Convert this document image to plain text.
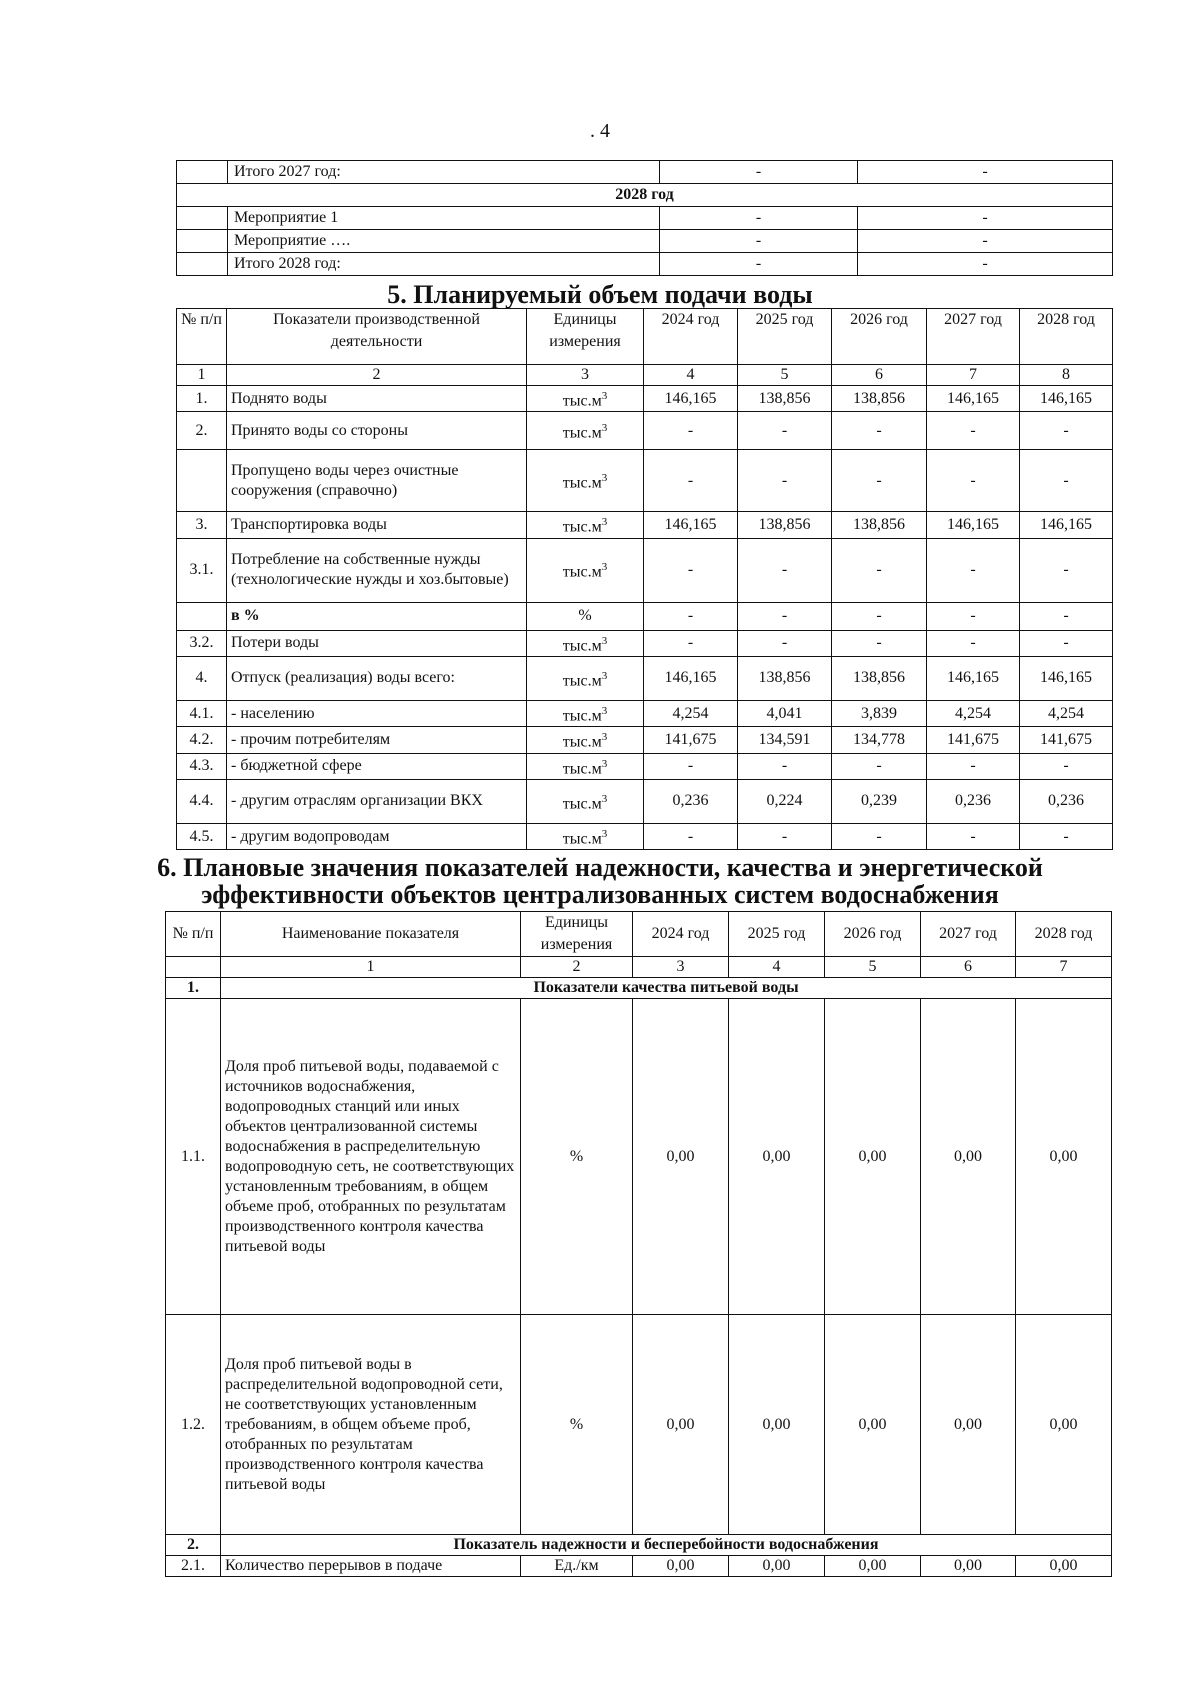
. 4
	Итого 2027 год:	-	-
2028 год			
	Мероприятие 1	-	-
	Мероприятие ….	-	-
	Итого 2028 год:	-	-
5. Планируемый объем подачи воды
№ п/п	Показатели производственной деятельности	Единицы измерения	2024 год	2025 год	2026 год	2027 год	2028 год
1	2	3	4	5	6	7	8
1.	Поднято воды	$тыс.м^3$	146,165	138,856	138,856	146,165	146,165
2.	Принято воды со стороны	$тыс.м^3$	-	-	-	-	-
	Пропущено воды через очистные сооружения (справочно)	$тыс.м^3$	-	-	-	-	-
3.	Транспортировка воды	$тыс.м^3$	146,165	138,856	138,856	146,165	146,165
3.1.	Потребление на собственные нужды (технологические нужды и хоз.бытовые)	$тыс.м^3$	-	-	-	-	-
	в %	%	-	-	-	-	-
3.2.	Потери воды	$тыс.м^3$	-	-	-	-	-
4.	Отпуск (реализация) воды всего:	$тыс.м^3$	146,165	138,856	138,856	146,165	146,165
4.1.	- населению	$тыс.м^3$	4,254	4,041	3,839	4,254	4,254
4.2.	- прочим потребителям	$тыс.м^3$	141,675	134,591	134,778	141,675	141,675
4.3.	- бюджетной сфере	$тыс.м^3$	-	-	-	-	-
4.4.	- другим отраслям организации ВКХ	$тыс.м^3$	0,236	0,224	0,239	0,236	0,236
4.5.	- другим водопроводам	$тыс.м^3$	-	-	-	-	-
6. Плановые значения показателей надежности, качества и энергетической
эффективности объектов централизованных систем водоснабжения
№ п/п	Наименование показателя	Единицы измерения	2024 год	2025 год	2026 год	2027 год	2028 год
	1	2	3	4	5	6	7
1.	Показатели качества питьевой воды						
1.1.	Доля проб питьевой воды, подаваемой с источников водоснабжения, водопроводных станций или иных объектов централизованной системы водоснабжения в распределительную водопроводную сеть, не соответствующих установленным требованиям, в общем объеме проб, отобранных по результатам производственного контроля качества питьевой воды	%	0,00	0,00	0,00	0,00	0,00
1.2.	Доля проб питьевой воды в распределительной водопроводной сети, не соответствующих установленным требованиям, в общем объеме проб, отобранных по результатам производственного контроля качества питьевой воды	%	0,00	0,00	0,00	0,00	0,00
2.	Показатель надежности и бесперебойности водоснабжения						
2.1.	Количество перерывов в подаче	Ед./км	0,00	0,00	0,00	0,00	0,00
